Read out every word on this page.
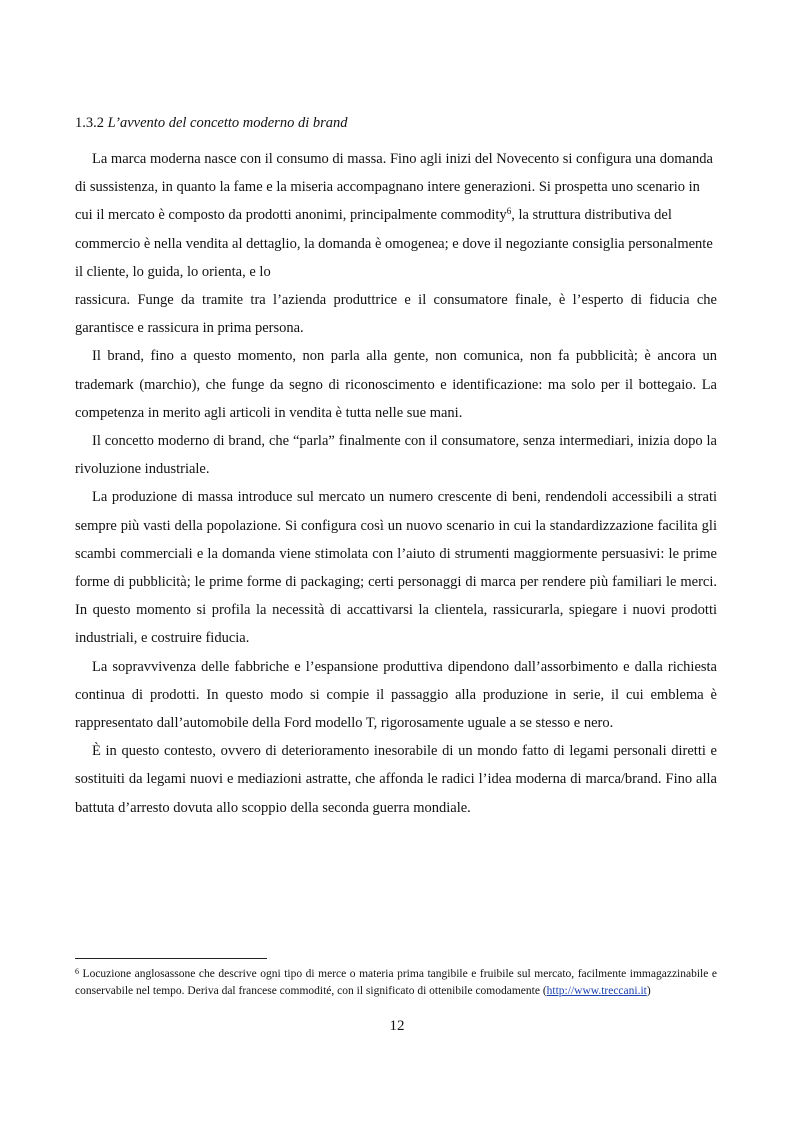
1.3.2 L’avvento del concetto moderno di brand

La marca moderna nasce con il consumo di massa. Fino agli inizi del Novecento si configura una domanda di sussistenza, in quanto la fame e la miseria accompagnano intere generazioni. Si prospetta uno scenario in cui il mercato è composto da prodotti anonimi, principalmente commodity$^6$, la struttura distributiva del commercio è nella vendita al dettaglio, la domanda è omogenea; e dove il negoziante consiglia personalmente il cliente, lo guida, lo orienta, e lo

rassicura. Funge da tramite tra l’azienda produttrice e il consumatore finale, è l’esperto di fiducia che garantisce e rassicura in prima persona.

Il brand, fino a questo momento, non parla alla gente, non comunica, non fa pubblicità; è ancora un trademark (marchio), che funge da segno di riconoscimento e identificazione: ma solo per il bottegaio. La competenza in merito agli articoli in vendita è tutta nelle sue mani.

Il concetto moderno di brand, che “parla” finalmente con il consumatore, senza intermediari, inizia dopo la rivoluzione industriale.

La produzione di massa introduce sul mercato un numero crescente di beni, rendendoli accessibili a strati sempre più vasti della popolazione. Si configura così un nuovo scenario in cui la standardizzazione facilita gli scambi commerciali e la domanda viene stimolata con l’aiuto di strumenti maggiormente persuasivi: le prime forme di pubblicità; le prime forme di packaging; certi personaggi di marca per rendere più familiari le merci. In questo momento si profila la necessità di accattivarsi la clientela, rassicurarla, spiegare i nuovi prodotti industriali, e costruire fiducia.

La sopravvivenza delle fabbriche e l’espansione produttiva dipendono dall’assorbimento e dalla richiesta continua di prodotti. In questo modo si compie il passaggio alla produzione in serie, il cui emblema è rappresentato dall’automobile della Ford modello T, rigorosamente uguale a se stesso e nero.

È in questo contesto, ovvero di deterioramento inesorabile di un mondo fatto di legami personali diretti e sostituiti da legami nuovi e mediazioni astratte, che affonda le radici l’idea moderna di marca/brand. Fino alla battuta d’arresto dovuta allo scoppio della seconda guerra mondiale.

$^6$ Locuzione anglosassone che descrive ogni tipo di merce o materia prima tangibile e fruibile sul mercato, facilmente immagazzinabile e conservabile nel tempo. Deriva dal francese commodité, con il significato di ottenibile comodamente (http://www.treccani.it)
12
